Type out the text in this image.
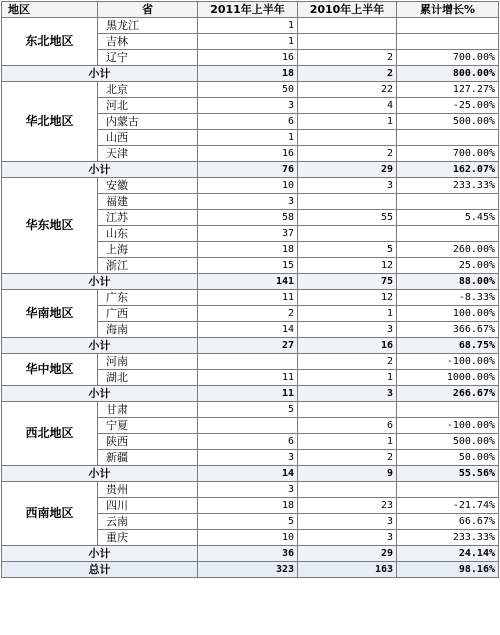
地区	省	2011年上半年	2010年上半年	累计增长%
东北地区	黑龙江	1		
	吉林	1		
	辽宁	16	2	700.00%
小计		18	2	800.00%
华北地区	北京	50	22	127.27%
	河北	3	4	-25.00%
	内蒙古	6	1	500.00%
	山西	1		
	天津	16	2	700.00%
小计		76	29	162.07%
华东地区	安徽	10	3	233.33%
	福建	3		
	江苏	58	55	5.45%
	山东	37		
	上海	18	5	260.00%
	浙江	15	12	25.00%
小计		141	75	88.00%
华南地区	广东	11	12	-8.33%
	广西	2	1	100.00%
	海南	14	3	366.67%
小计		27	16	68.75%
华中地区	河南		2	-100.00%
	湖北	11	1	1000.00%
小计		11	3	266.67%
西北地区	甘肃	5		
	宁夏		6	-100.00%
	陕西	6	1	500.00%
	新疆	3	2	50.00%
小计		14	9	55.56%
西南地区	贵州	3		
	四川	18	23	-21.74%
	云南	5	3	66.67%
	重庆	10	3	233.33%
小计		36	29	24.14%
总计		323	163	98.16%
